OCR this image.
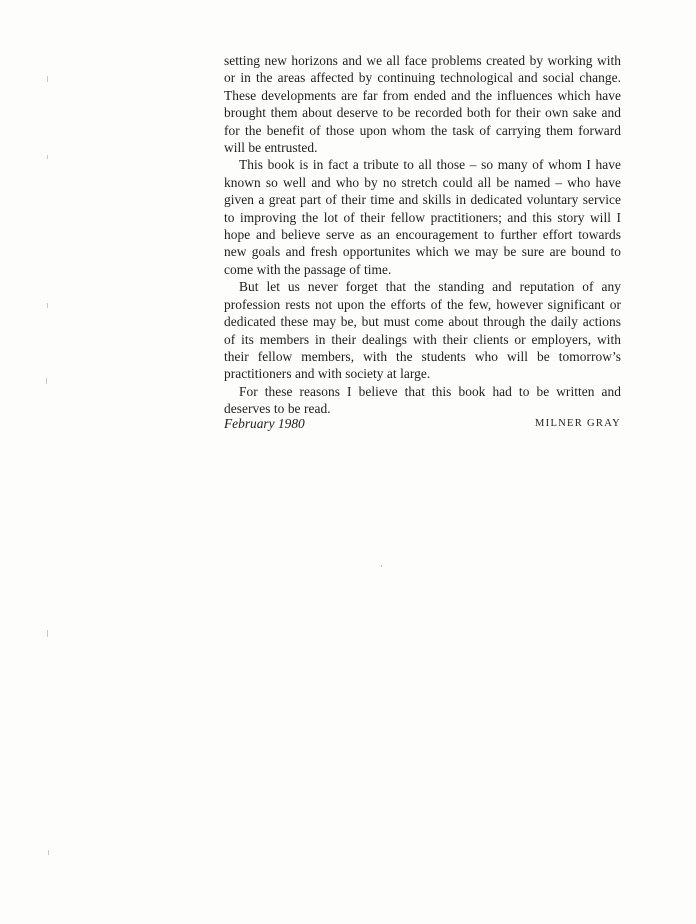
setting new horizons and we all face problems created by working with or in the areas affected by continuing technological and social change. These developments are far from ended and the influences which have brought them about deserve to be recorded both for their own sake and for the benefit of those upon whom the task of carrying them forward will be entrusted.

This book is in fact a tribute to all those – so many of whom I have known so well and who by no stretch could all be named – who have given a great part of their time and skills in dedicated voluntary service to improving the lot of their fellow practitioners; and this story will I hope and believe serve as an encouragement to further effort towards new goals and fresh opportunites which we may be sure are bound to come with the passage of time.

But let us never forget that the standing and reputation of any profession rests not upon the efforts of the few, however significant or dedicated these may be, but must come about through the daily actions of its members in their dealings with their clients or employers, with their fellow members, with the students who will be tomorrow’s practitioners and with society at large.

For these reasons I believe that this book had to be written and deserves to be read.

February 1980	MILNER GRAY
